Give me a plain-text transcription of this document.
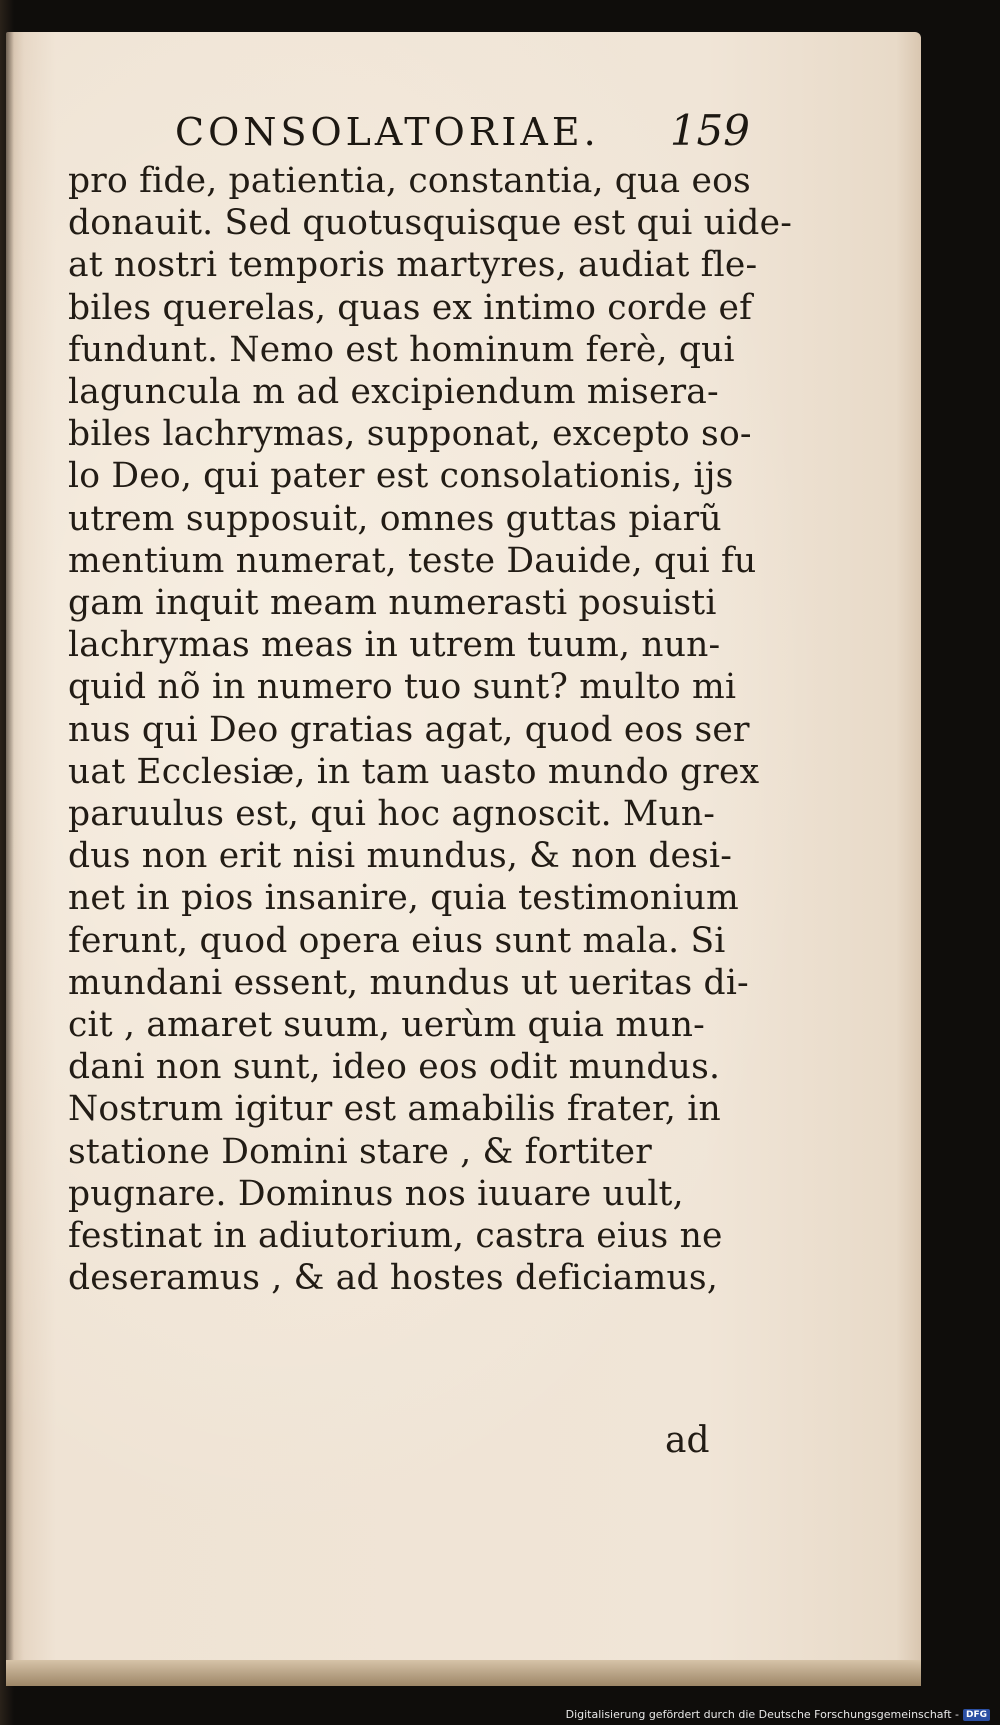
CONSOLATORIAE. 159
pro fide, patientia, constantia, qua eos
donauit. Sed quotusquisque est qui uide-
at nostri temporis martyres, audiat fle-
biles querelas, quas ex intimo corde ef
fundunt. Nemo est hominum ferè, qui
laguncula m ad excipiendum misera-
biles lachrymas, supponat, excepto so-
lo Deo, qui pater est consolationis, ijs
utrem supposuit, omnes guttas piarũ
mentium numerat, teste Dauide, qui fu
gam inquit meam numerasti posuisti
lachrymas meas in utrem tuum, nun-
quid nõ in numero tuo sunt? multo mi
nus qui Deo gratias agat, quod eos ser
uat Ecclesiæ, in tam uasto mundo grex
paruulus est, qui hoc agnoscit. Mun-
dus non erit nisi mundus, & non desi-
net in pios insanire, quia testimonium
ferunt, quod opera eius sunt mala. Si
mundani essent, mundus ut ueritas di-
cit , amaret suum, uerùm quia mun-
dani non sunt, ideo eos odit mundus.
Nostrum igitur est amabilis frater, in
statione Domini stare , & fortiter
pugnare. Dominus nos iuuare uult,
festinat in adiutorium, castra eius ne
deseramus , & ad hostes deficiamus,
ad
Digitalisierung gefördert durch die Deutsche Forschungsgemeinschaft - DFG
